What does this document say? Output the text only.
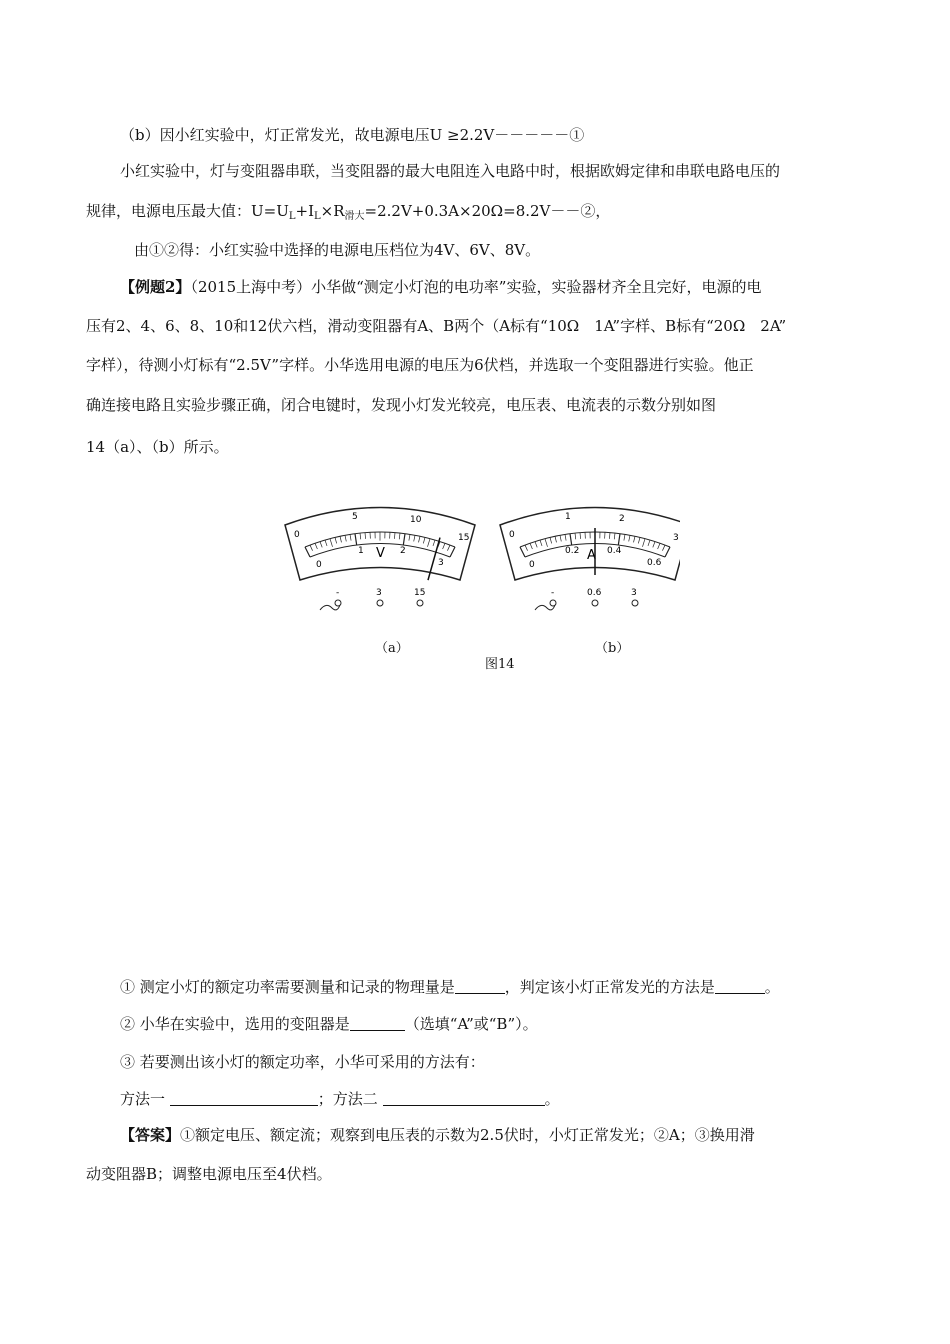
（b）因小红实验中，灯正常发光，故电源电压U ≥2.2V－－－－－①
小红实验中，灯与变阻器串联，当变阻器的最大电阻连入电路中时，根据欧姆定律和串联电路电压的
规律，电源电压最大值：$U=U_L+I_L\times R_{滑大}=2.2V+0.3A\times 20\Omega=8.2V--②$，
由①②得：小红实验中选择的电源电压档位为4V、6V、8V。
【例题2】（2015上海中考）小华做“测定小灯泡的电功率”实验，实验器材齐全且完好，电源的电
压有2、4、6、8、10和12伏六档，滑动变阻器有A、B两个（A标有“10Ω　1A”字样、B标有“20Ω　2A”
字样），待测小灯标有“2.5V”字样。小华选用电源的电压为6伏档，并选取一个变阻器进行实验。他正
确连接电路且实验步骤正确，闭合电键时，发现小灯发光较亮，电压表、电流表的示数分别如图
14（a）、（b）所示。
0
5	10
15
0
1	2
3
V
-	3	15
0
1	2
3
0
0.2	0.4
0.6
A
-	0.6	3
（a）	（b）
图14
① 测定小灯的额定功率需要测量和记录的物理量是	，判定该小灯正常发光的方法是	。
② 小华在实验中，选用的变阻器是	（选填“A”或“B”）。
③ 若要测出该小灯的额定功率，小华可采用的方法有：
方法一	；方法二	。
【答案】①额定电压、额定流；观察到电压表的示数为2.5伏时，小灯正常发光；②A；③换用滑
动变阻器B；调整电源电压至4伏档。
